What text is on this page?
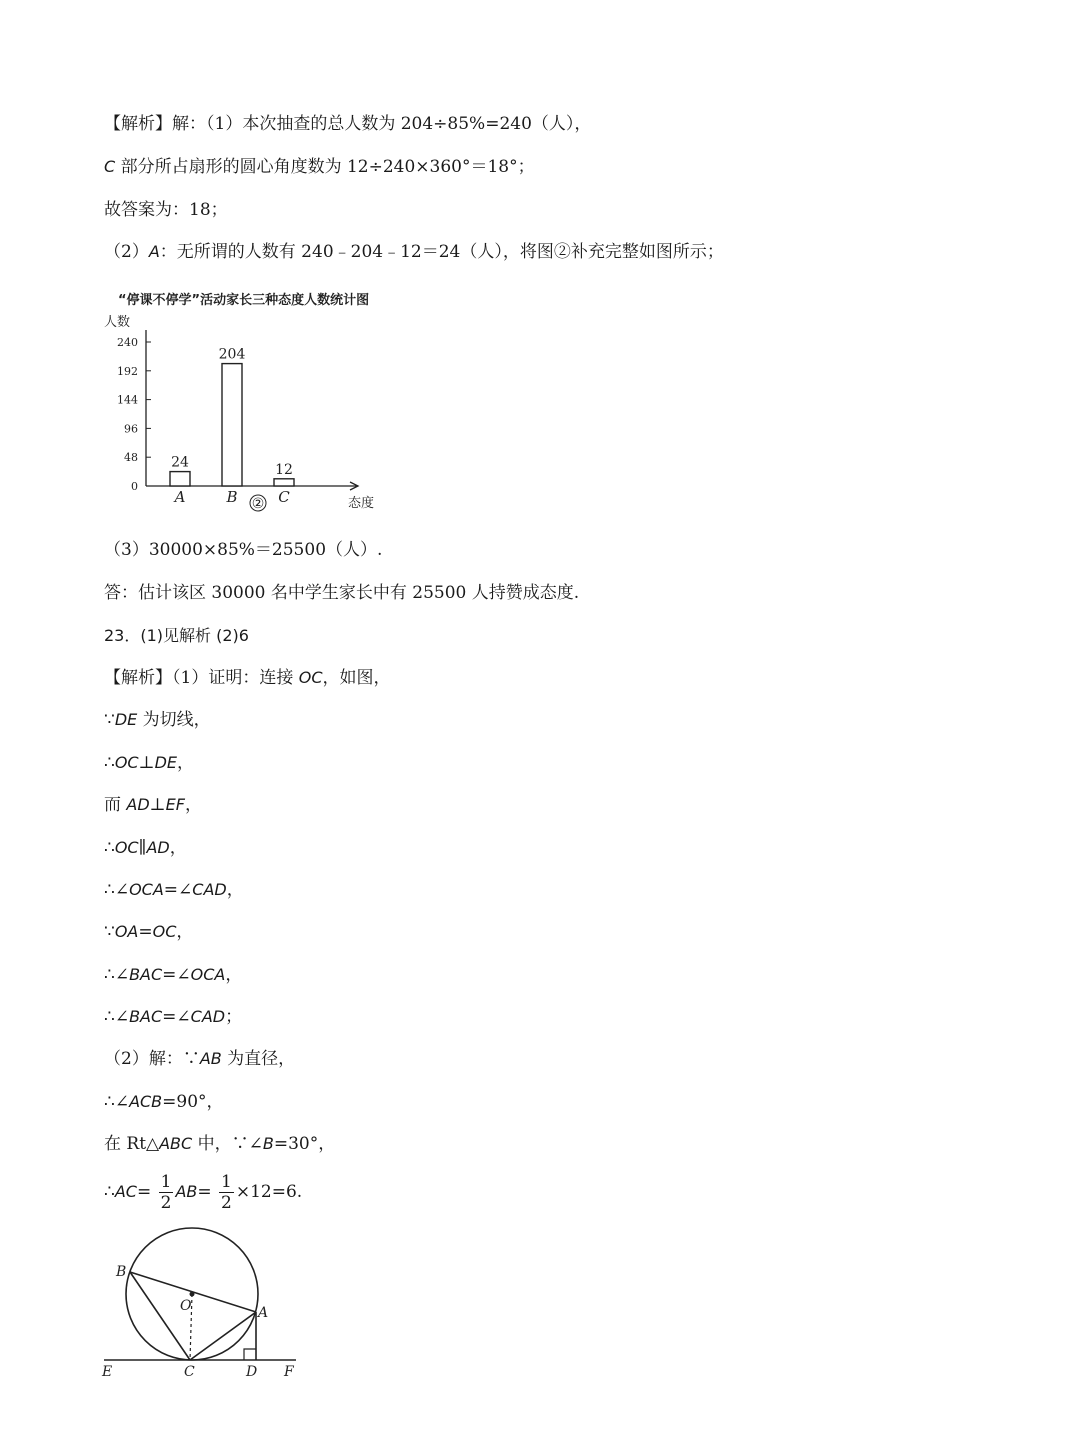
【解析】解：（1）本次抽查的总人数为 204÷85%=240（人），
C 部分所占扇形的圆心角度数为 12÷240×360°＝18°；
故答案为：18；
（2）A：无所谓的人数有 240﹣204﹣12＝24（人），将图②补充完整如图所示；
“停课不停学”活动家长三种态度人数统计图
人数
0
48
96
144
192
240
24
204
12
A	B	C	态度
②
（3）30000×85%＝25500（人）.
答：估计该区 30000 名中学生家长中有 25500 人持赞成态度.
23．(1)见解析 (2)6
【解析】（1）证明：连接 OC，如图，
∵DE 为切线，
∴OC⊥DE，
而 AD⊥EF，
∴OC∥AD，
∴∠OCA=∠CAD，
∵OA=OC，
∴∠BAC=∠OCA，
∴∠BAC=∠CAD；
（2）解：∵AB 为直径，
∴∠ACB=90°，
在 Rt△ABC 中，∵∠B=30°，
∴AC= $\frac{1}{2} AB= \frac{1}{2} \times 12=6$.
B
O	A
E	C	D F
